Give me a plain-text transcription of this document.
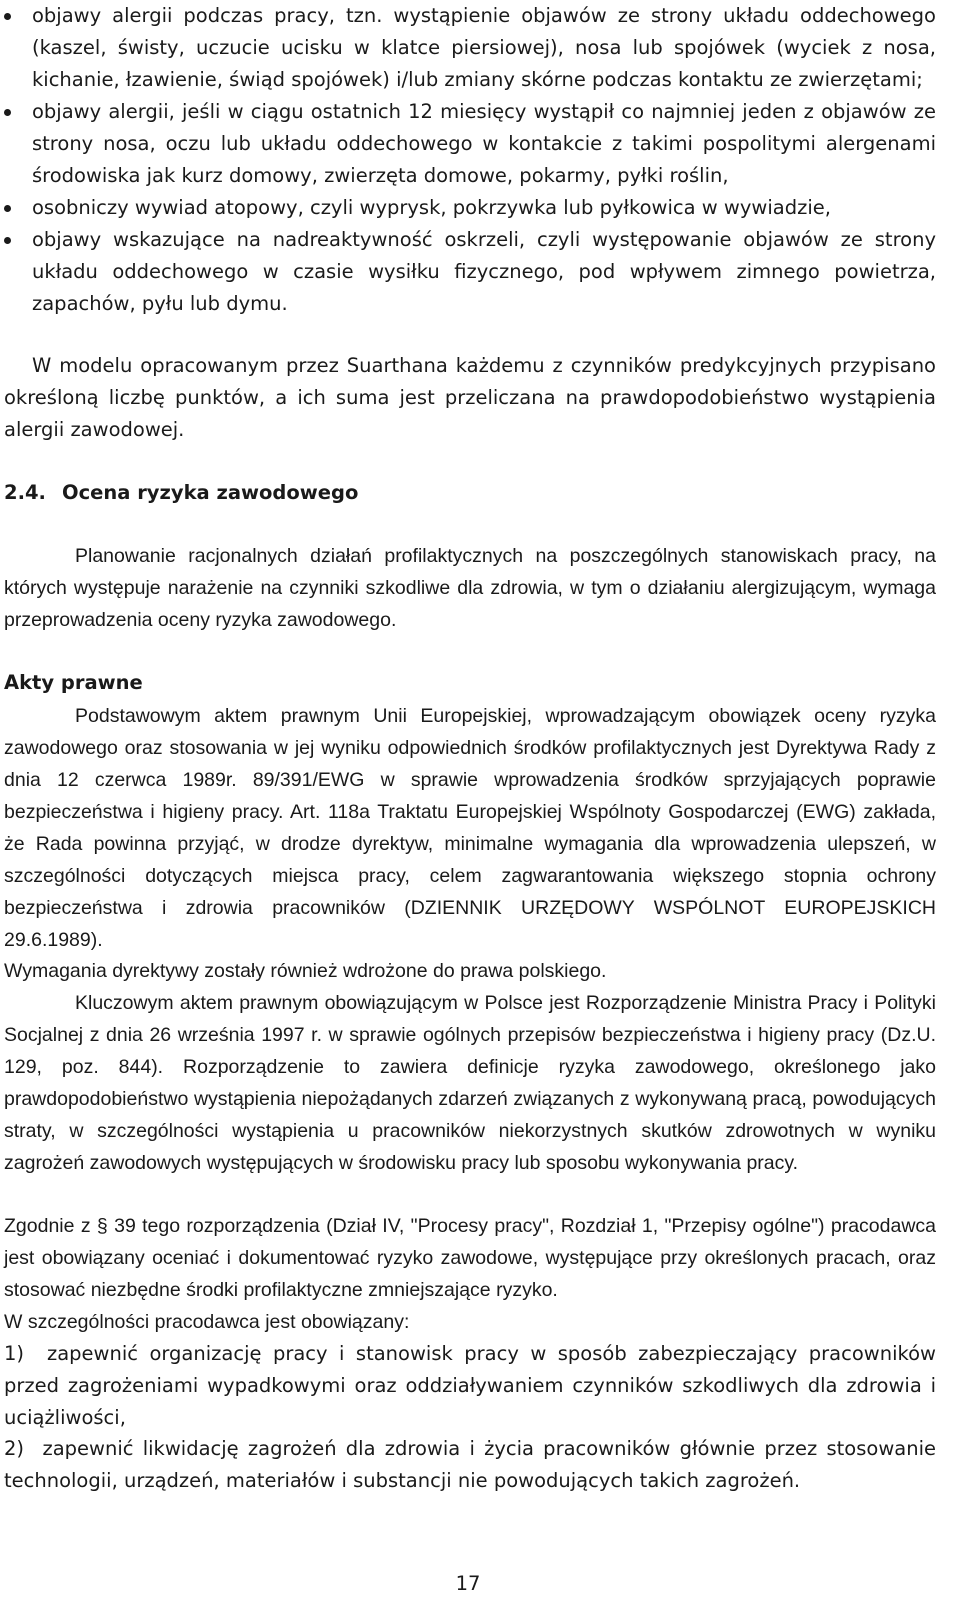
objawy alergii podczas pracy, tzn. wystąpienie objawów ze strony układu oddechowego (kaszel, świsty, uczucie ucisku w klatce piersiowej), nosa lub spojówek (wyciek z nosa, kichanie, łzawienie, świąd spojówek) i/lub zmiany skórne podczas kontaktu ze zwierzętami;
objawy alergii, jeśli w ciągu ostatnich 12 miesięcy wystąpił co najmniej jeden z objawów ze strony nosa, oczu lub układu oddechowego w kontakcie z takimi pospolitymi alergenami środowiska jak kurz domowy, zwierzęta domowe, pokarmy, pyłki roślin,
osobniczy wywiad atopowy, czyli wyprysk, pokrzywka lub pyłkowica w wywiadzie,
objawy wskazujące na nadreaktywność oskrzeli, czyli występowanie objawów ze strony układu oddechowego w czasie wysiłku fizycznego, pod wpływem zimnego powietrza, zapachów, pyłu lub dymu.

W modelu opracowanym przez Suarthana każdemu z czynników predykcyjnych przypisano określoną liczbę punktów, a ich suma jest przeliczana na prawdopodobieństwo wystąpienia alergii zawodowej.

2.4. Ocena ryzyka zawodowego

Planowanie racjonalnych działań profilaktycznych na poszczególnych stanowiskach pracy, na których występuje narażenie na czynniki szkodliwe dla zdrowia, w tym o działaniu alergizującym, wymaga przeprowadzenia oceny ryzyka zawodowego.

Akty prawne

Podstawowym aktem prawnym Unii Europejskiej, wprowadzającym obowiązek oceny ryzyka zawodowego oraz stosowania w jej wyniku odpowiednich środków profilaktycznych jest Dyrektywa Rady z dnia 12 czerwca 1989r. 89/391/EWG w sprawie wprowadzenia środków sprzyjających poprawie bezpieczeństwa i higieny pracy. Art. 118a Traktatu Europejskiej Wspólnoty Gospodarczej (EWG) zakłada, że Rada powinna przyjąć, w drodze dyrektyw, minimalne wymagania dla wprowadzenia ulepszeń, w szczególności dotyczących miejsca pracy, celem zagwarantowania większego stopnia ochrony bezpieczeństwa i zdrowia pracowników (DZIENNIK URZĘDOWY WSPÓLNOT EUROPEJSKICH 29.6.1989).

Wymagania dyrektywy zostały również wdrożone do prawa polskiego.

Kluczowym aktem prawnym obowiązującym w Polsce jest Rozporządzenie Ministra Pracy i Polityki Socjalnej z dnia 26 września 1997 r. w sprawie ogólnych przepisów bezpieczeństwa i higieny pracy (Dz.U. 129, poz. 844). Rozporządzenie to zawiera definicje ryzyka zawodowego, określonego jako prawdopodobieństwo wystąpienia niepożądanych zdarzeń związanych z wykonywaną pracą, powodujących straty, w szczególności wystąpienia u pracowników niekorzystnych skutków zdrowotnych w wyniku zagrożeń zawodowych występujących w środowisku pracy lub sposobu wykonywania pracy.

Zgodnie z § 39 tego rozporządzenia (Dział IV, "Procesy pracy", Rozdział 1, "Przepisy ogólne") pracodawca jest obowiązany oceniać i dokumentować ryzyko zawodowe, występujące przy określonych pracach, oraz stosować niezbędne środki profilaktyczne zmniejszające ryzyko.

W szczególności pracodawca jest obowiązany:

1) zapewnić organizację pracy i stanowisk pracy w sposób zabezpieczający pracowników przed zagrożeniami wypadkowymi oraz oddziaływaniem czynników szkodliwych dla zdrowia i uciążliwości,

2) zapewnić likwidację zagrożeń dla zdrowia i życia pracowników głównie przez stosowanie technologii, urządzeń, materiałów i substancji nie powodujących takich zagrożeń.

17
